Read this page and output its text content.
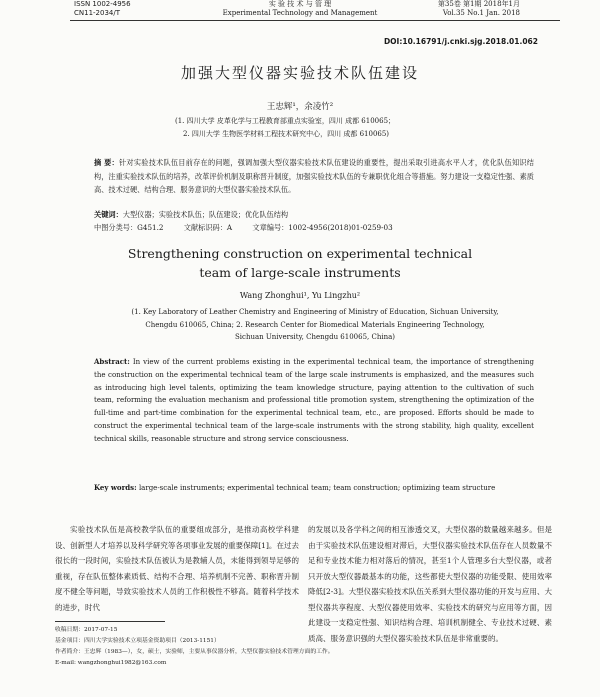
ISSN 1002-4956
CN11-2034/T
实 验 技 术 与 管 理
Experimental Technology and Management
第35卷 第1期 2018年1月
Vol.35 No.1 Jan. 2018
DOI:10.16791/j.cnki.sjg.2018.01.062
加强大型仪器实验技术队伍建设
王忠辉¹，余凌竹²
(1. 四川大学 皮革化学与工程教育部重点实验室，四川 成都 610065；
2. 四川大学 生物医学材料工程技术研究中心，四川 成都 610065)
摘 要：针对实验技术队伍目前存在的问题，强调加强大型仪器实验技术队伍建设的重要性，提出采取引进高水平人才，优化队伍知识结构，注重实验技术队伍的培养，改革评价机制及职称晋升制度，加强实验技术队伍的专兼职优化组合等措施。努力建设一支稳定性强、素质高、技术过硬、结构合理、服务意识的大型仪器实验技术队伍。
关键词：大型仪器；实验技术队伍；队伍建设；优化队伍结构
中图分类号：G451.2	文献标识码：A	文章编号：1002-4956(2018)01-0259-03
Strengthening construction on experimental technical
team of large-scale instruments
Wang Zhonghui¹, Yu Lingzhu²
(1. Key Laboratory of Leather Chemistry and Engineering of Ministry of Education, Sichuan University,
Chengdu 610065, China; 2. Research Center for Biomedical Materials Engineering Technology,
Sichuan University, Chengdu 610065, China)
Abstract: In view of the current problems existing in the experimental technical team, the importance of strengthening the construction on the experimental technical team of the large scale instruments is emphasized, and the measures such as introducing high level talents, optimizing the team knowledge structure, paying attention to the cultivation of such team, reforming the evaluation mechanism and professional title promotion system, strengthening the optimization of the full-time and part-time combination for the experimental technical team, etc., are proposed. Efforts should be made to construct the experimental technical team of the large-scale instruments with the strong stability, high quality, excellent technical skills, reasonable structure and strong service consciousness.
Key words: large-scale instruments; experimental technical team; team construction; optimizing team structure
实验技术队伍是高校教学队伍的重要组成部分，是推动高校学科建设、创新型人才培养以及科学研究等各项事业发展的重要保障[1]。在过去很长的一段时间，实验技术队伍被认为是教辅人员，未能得到领导足够的重视，存在队伍整体素质低、结构不合理、培养机制不完善、职称晋升制度不健全等问题，导致实验技术人员的工作积极性不够高。随着科学技术的进步，时代
的发展以及各学科之间的相互渗透交叉，大型仪器的数量越来越多。但是由于实验技术队伍建设相对滞后，大型仪器实验技术队伍存在人员数量不足和专业技术能力相对落后的情况，甚至1个人管理多台大型仪器，或者只开放大型仪器最基本的功能，这些都使大型仪器的功能受限、使用效率降低[2-3]。大型仪器实验技术队伍关系到大型仪器功能的开发与应用、大型仪器共享程度、大型仪器使用效率、实验技术的研究与应用等方面，因此建设一支稳定性强、知识结构合理、培训机制健全、专业技术过硬、素质高、服务意识强的大型仪器实验技术队伍是非常重要的。
收稿日期：2017-07-15
基金项目：四川大学实验技术立项基金资助项目（2013-1151）
作者简介：王忠辉（1983—），女，硕士，实验师，主要从事仪器分析，大型仪器实验技术管理方面的工作。
E-mail: wangzhonghui1982@163.com
